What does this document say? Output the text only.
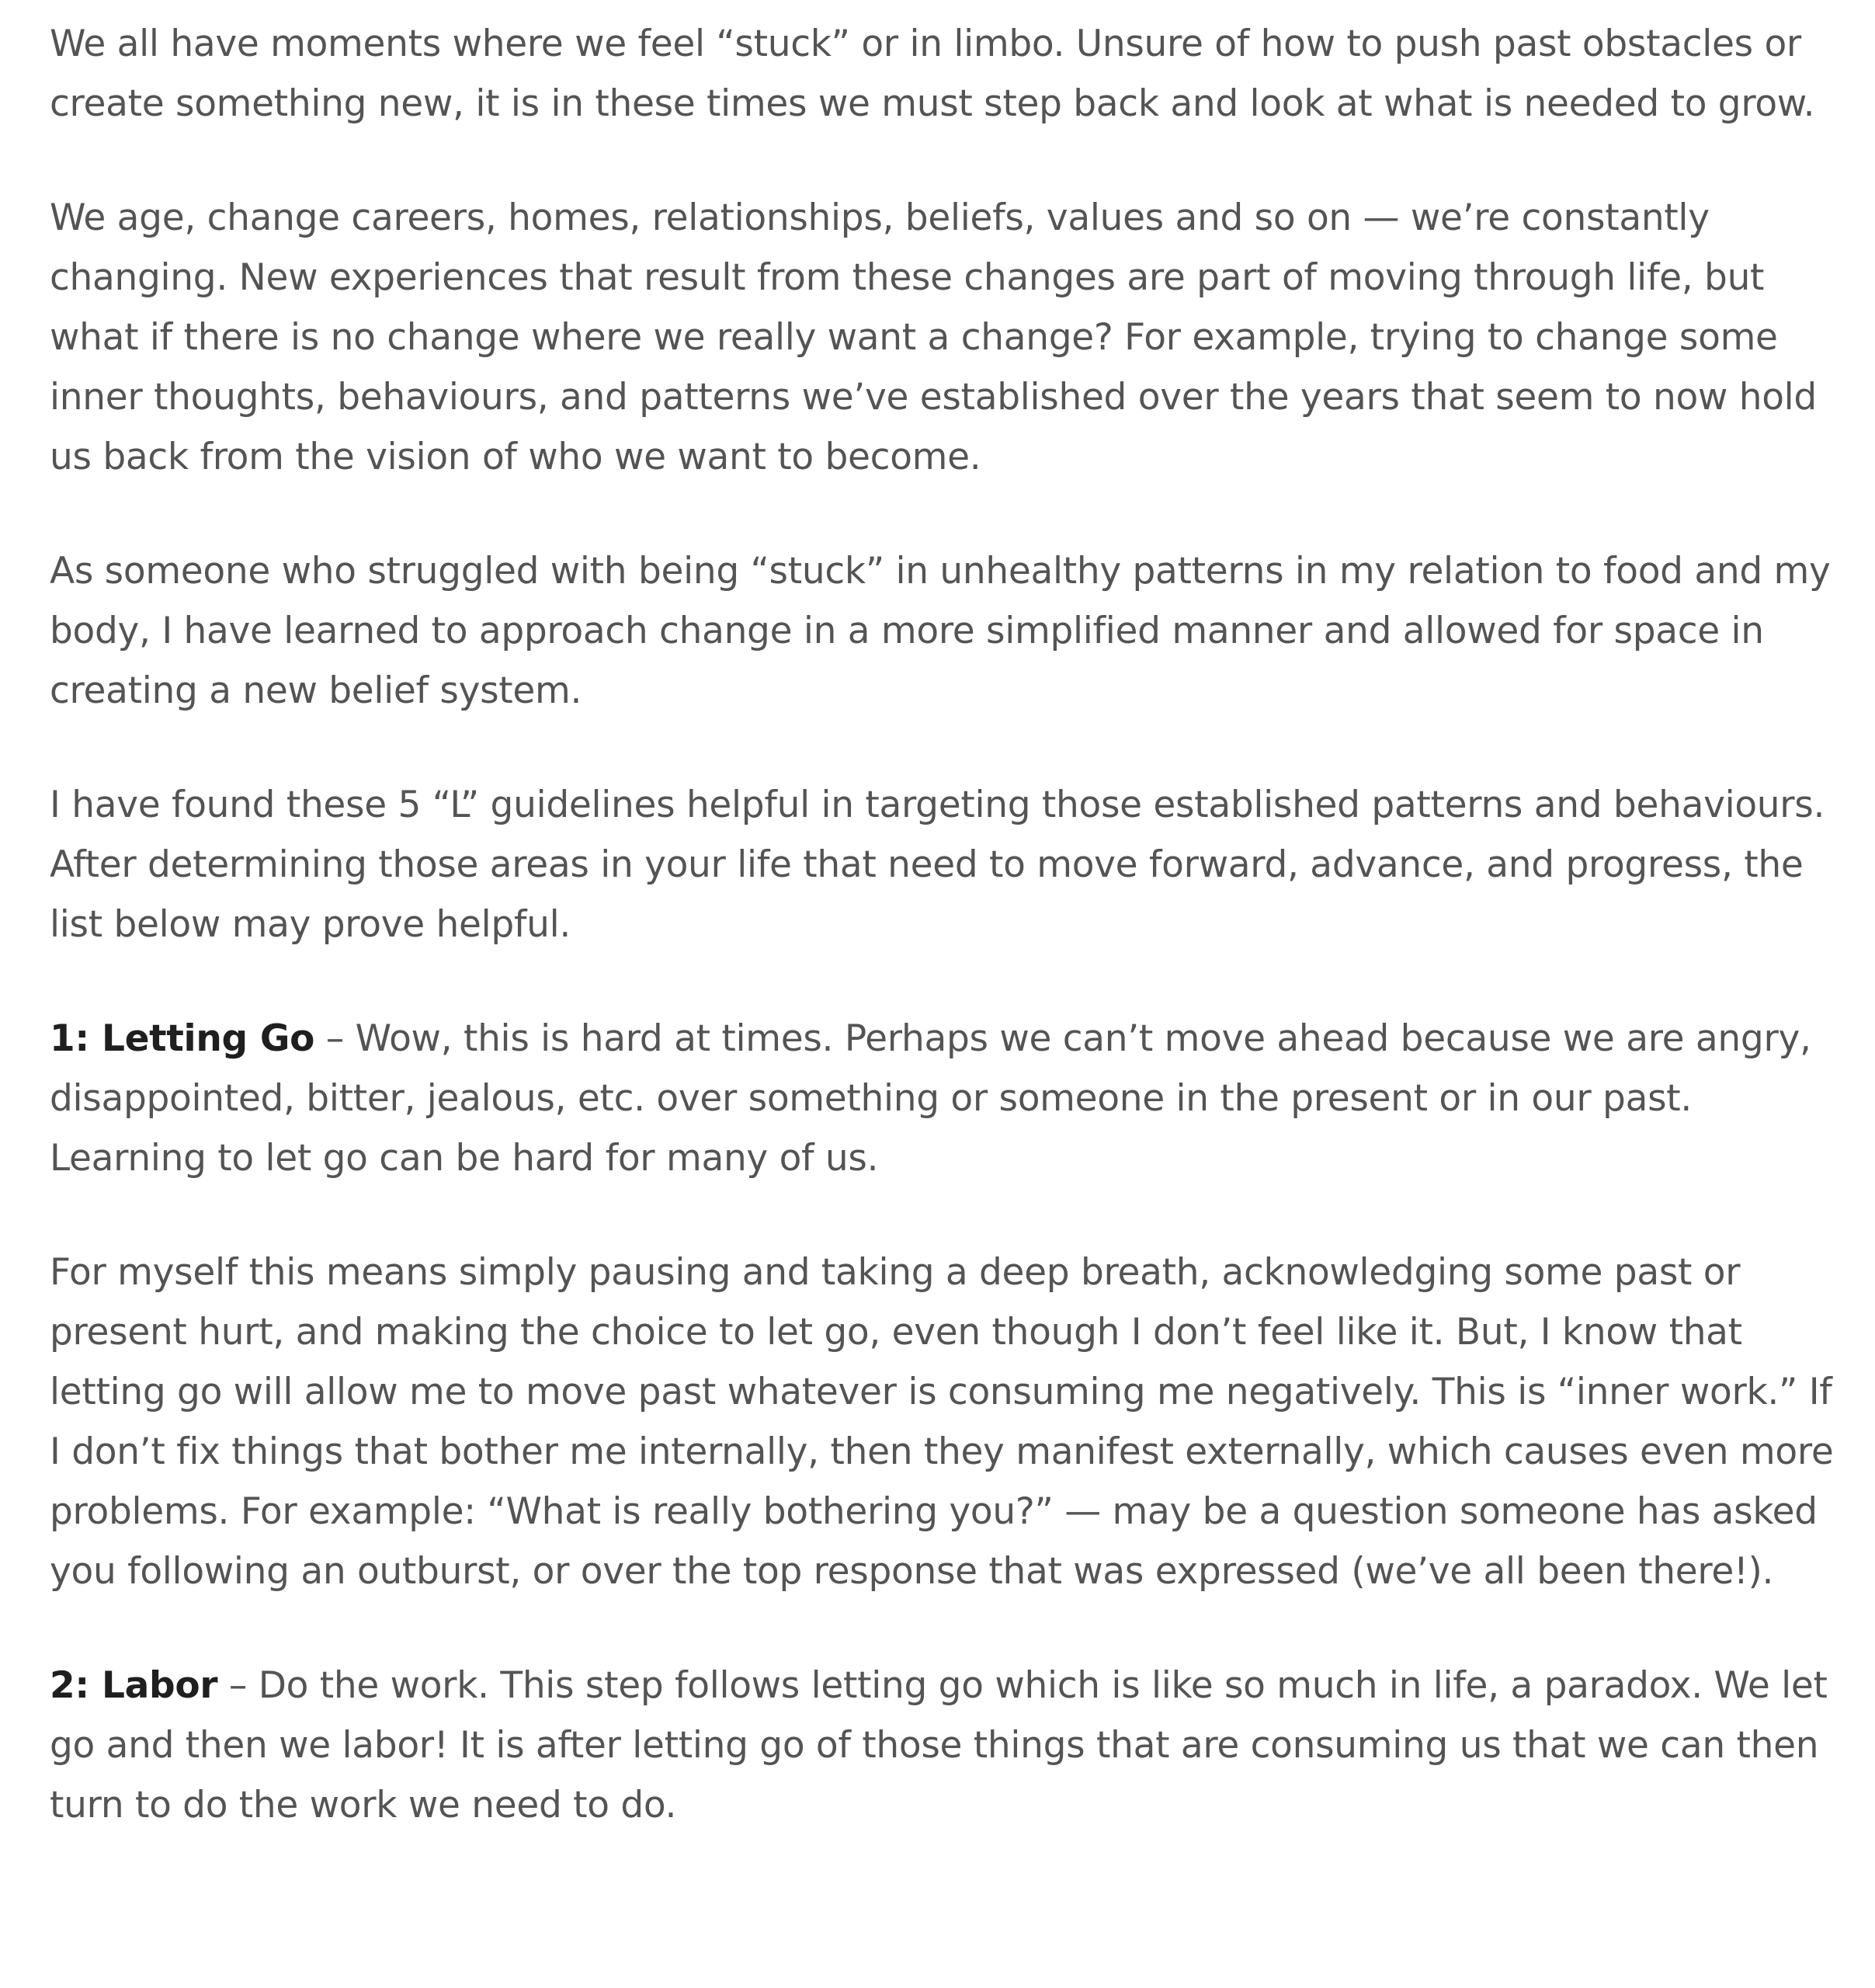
We all have moments where we feel “stuck” or in limbo. Unsure of how to push past obstacles or create something new, it is in these times we must step back and look at what is needed to grow.

We age, change careers, homes, relationships, beliefs, values and so on — we’re constantly changing. New experiences that result from these changes are part of moving through life, but what if there is no change where we really want a change? For example, trying to change some inner thoughts, behaviours, and patterns we’ve established over the years that seem to now hold us back from the vision of who we want to become.

As someone who struggled with being “stuck” in unhealthy patterns in my relation to food and my body, I have learned to approach change in a more simplified manner and allowed for space in creating a new belief system.

I have found these 5 “L” guidelines helpful in targeting those established patterns and behaviours. After determining those areas in your life that need to move forward, advance, and progress, the list below may prove helpful.

1: Letting Go – Wow, this is hard at times. Perhaps we can’t move ahead because we are angry, disappointed, bitter, jealous, etc. over something or someone in the present or in our past. Learning to let go can be hard for many of us.

For myself this means simply pausing and taking a deep breath, acknowledging some past or present hurt, and making the choice to let go, even though I don’t feel like it. But, I know that letting go will allow me to move past whatever is consuming me negatively. This is “inner work.” If I don’t fix things that bother me internally, then they manifest externally, which causes even more problems. For example: “What is really bothering you?” — may be a question someone has asked you following an outburst, or over the top response that was expressed (we’ve all been there!).

2: Labor – Do the work. This step follows letting go which is like so much in life, a paradox. We let go and then we labor! It is after letting go of those things that are consuming us that we can then turn to do the work we need to do.
